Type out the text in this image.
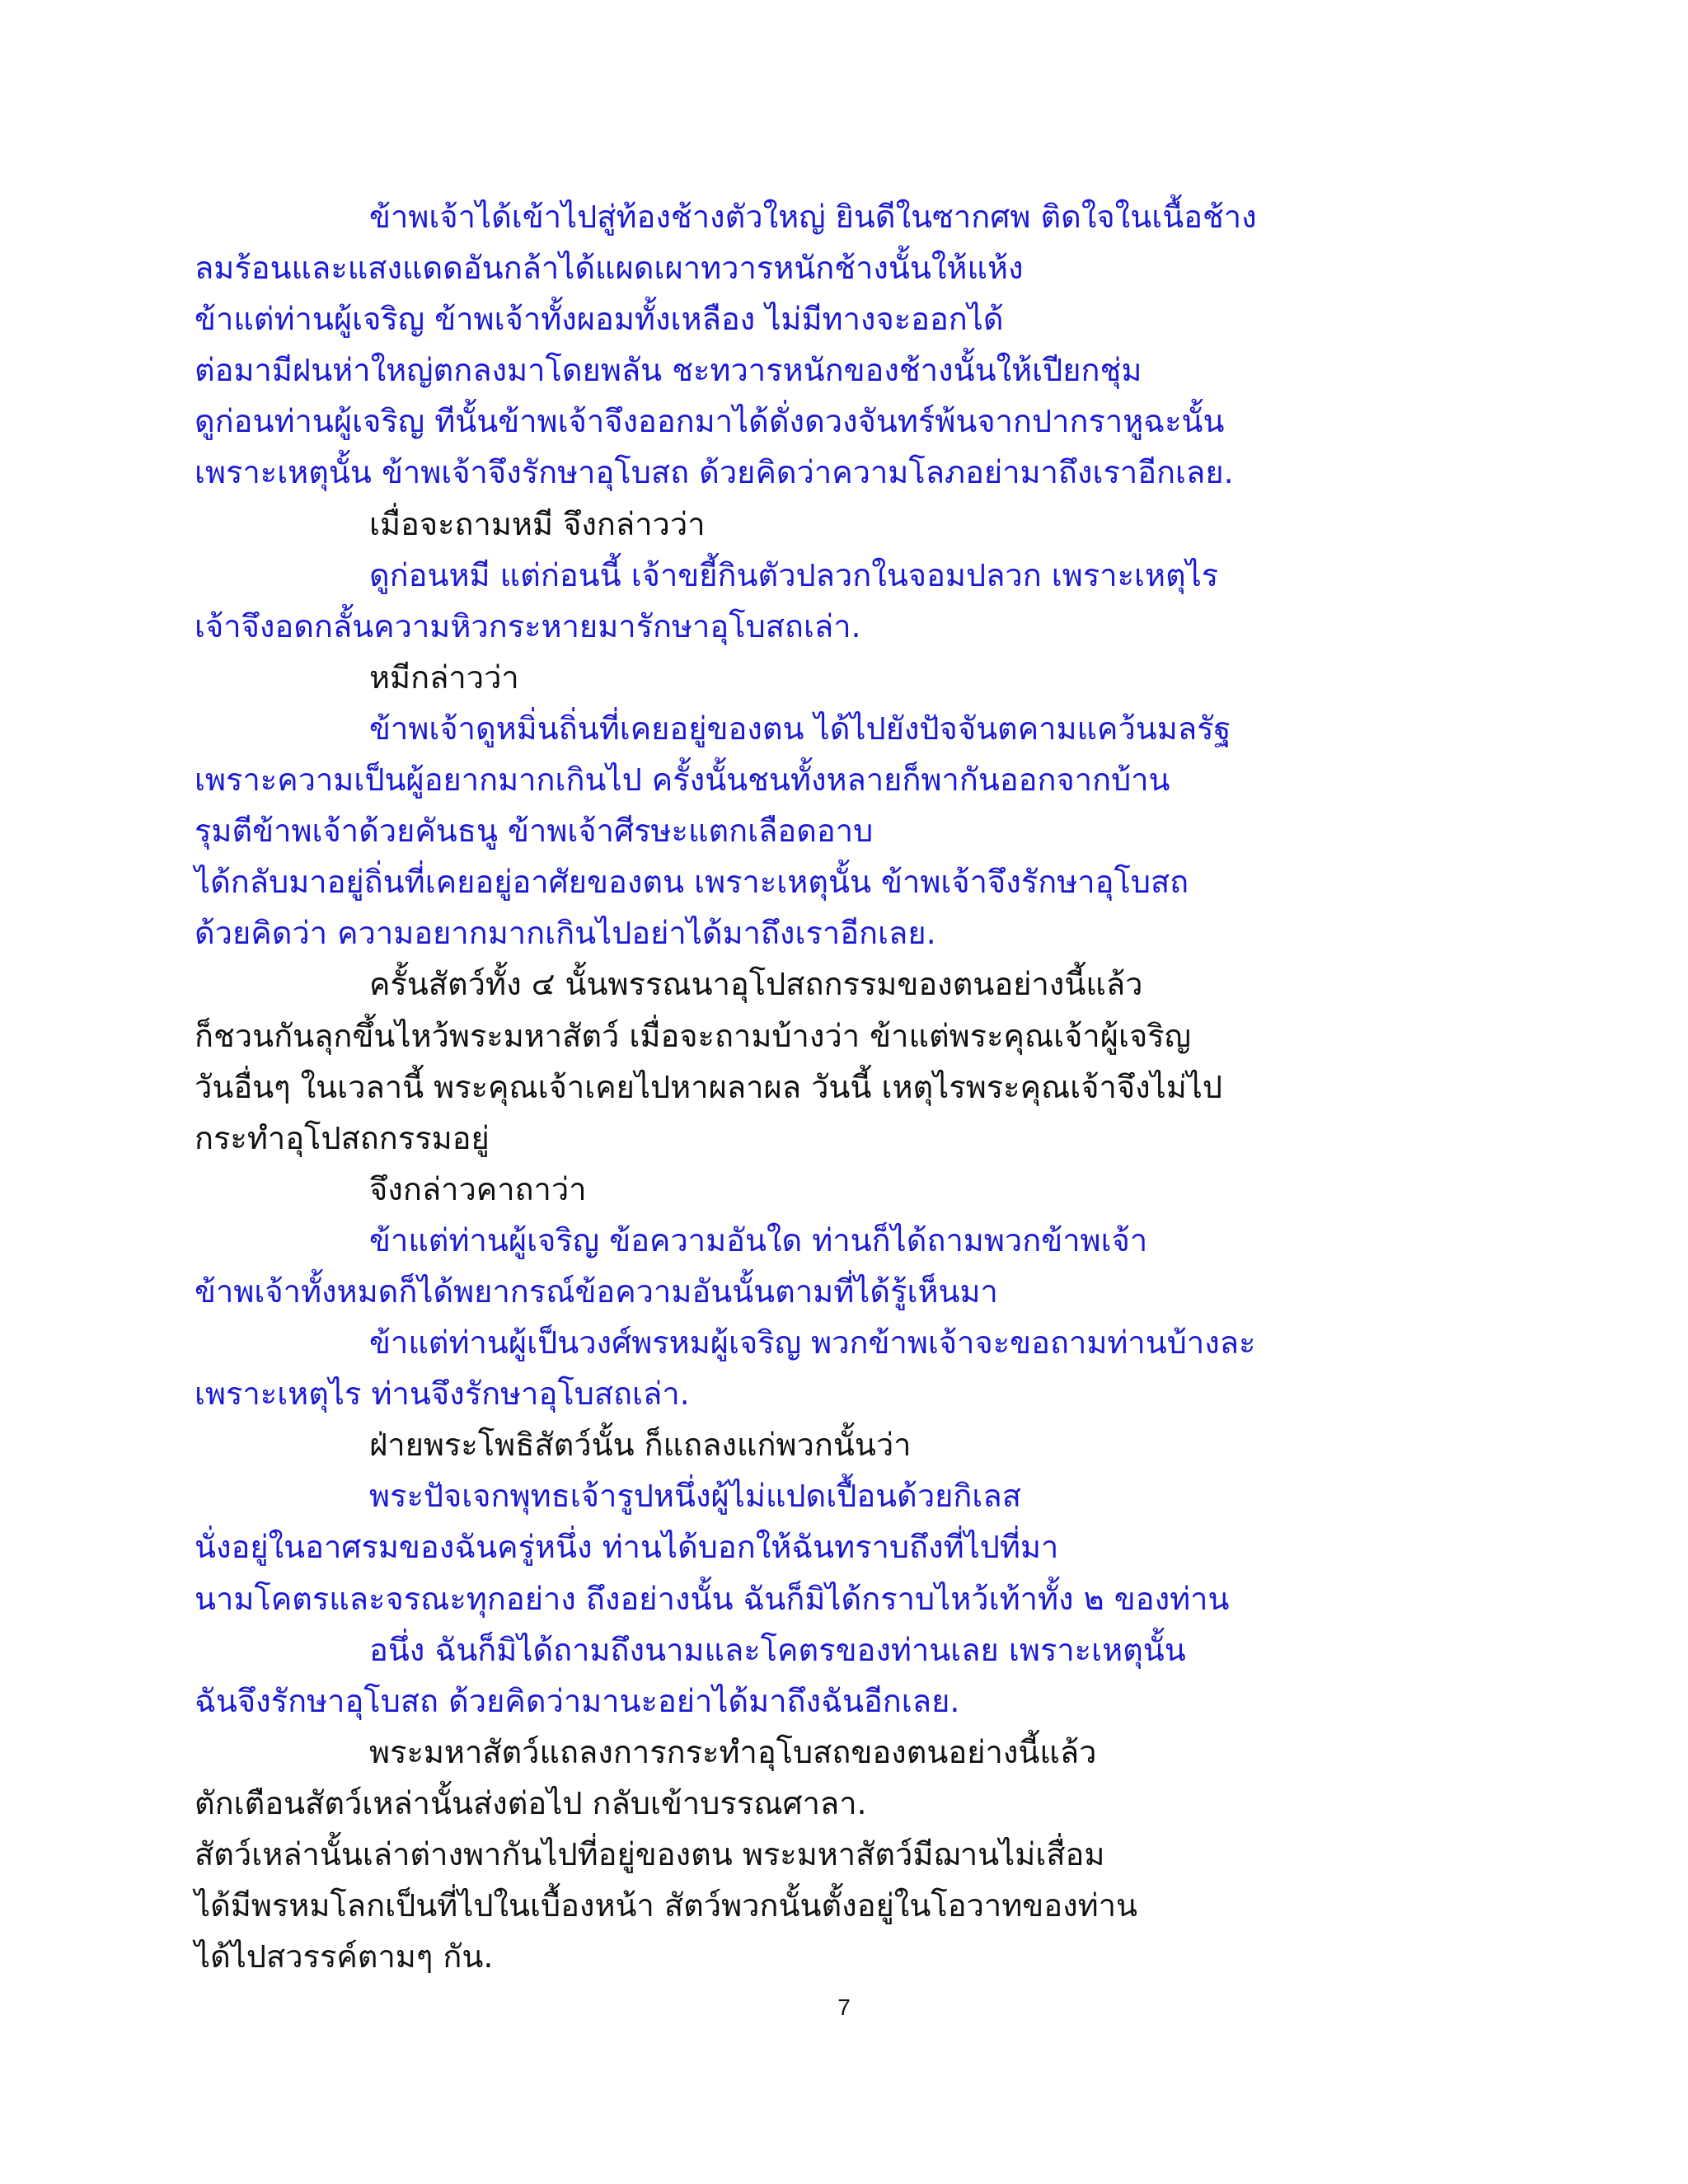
ข้าพเจ้าได้เข้าไปสู่ท้องช้างตัวใหญ่ ยินดีในซากศพ ติดใจในเนื้อช้าง
ลมร้อนและแสงแดดอันกล้าได้แผดเผาทวารหนักช้างนั้นให้แห้ง
ข้าแต่ท่านผู้เจริญ ข้าพเจ้าทั้งผอมทั้งเหลือง ไม่มีทางจะออกได้
ต่อมามีฝนห่าใหญ่ตกลงมาโดยพลัน ชะทวารหนักของช้างนั้นให้เปียกชุ่ม
ดูก่อนท่านผู้เจริญ ทีนั้นข้าพเจ้าจึงออกมาได้ดั่งดวงจันทร์พ้นจากปากราหูฉะนั้น
เพราะเหตุนั้น ข้าพเจ้าจึงรักษาอุโบสถ ด้วยคิดว่าความโลภอย่ามาถึงเราอีกเลย.
เมื่อจะถามหมี จึงกล่าวว่า
ดูก่อนหมี แต่ก่อนนี้ เจ้าขยี้กินตัวปลวกในจอมปลวก เพราะเหตุไร
เจ้าจึงอดกลั้นความหิวกระหายมารักษาอุโบสถเล่า.
หมีกล่าวว่า
ข้าพเจ้าดูหมิ่นถิ่นที่เคยอยู่ของตน ได้ไปยังปัจจันตคามแคว้นมลรัฐ
เพราะความเป็นผู้อยากมากเกินไป ครั้งนั้นชนทั้งหลายก็พากันออกจากบ้าน
รุมตีข้าพเจ้าด้วยคันธนู ข้าพเจ้าศีรษะแตกเลือดอาบ
ได้กลับมาอยู่ถิ่นที่เคยอยู่อาศัยของตน เพราะเหตุนั้น ข้าพเจ้าจึงรักษาอุโบสถ
ด้วยคิดว่า ความอยากมากเกินไปอย่าได้มาถึงเราอีกเลย.
ครั้นสัตว์ทั้ง ๔ นั้นพรรณนาอุโปสถกรรมของตนอย่างนี้แล้ว
ก็ชวนกันลุกขึ้นไหว้พระมหาสัตว์ เมื่อจะถามบ้างว่า ข้าแต่พระคุณเจ้าผู้เจริญ
วันอื่นๆ ในเวลานี้ พระคุณเจ้าเคยไปหาผลาผล วันนี้ เหตุไรพระคุณเจ้าจึงไม่ไป
กระทำอุโปสถกรรมอยู่
จึงกล่าวคาถาว่า
ข้าแต่ท่านผู้เจริญ ข้อความอันใด ท่านก็ได้ถามพวกข้าพเจ้า
ข้าพเจ้าทั้งหมดก็ได้พยากรณ์ข้อความอันนั้นตามที่ได้รู้เห็นมา
ข้าแต่ท่านผู้เป็นวงศ์พรหมผู้เจริญ พวกข้าพเจ้าจะขอถามท่านบ้างละ
เพราะเหตุไร ท่านจึงรักษาอุโบสถเล่า.
ฝ่ายพระโพธิสัตว์นั้น ก็แถลงแก่พวกนั้นว่า
พระปัจเจกพุทธเจ้ารูปหนึ่งผู้ไม่แปดเปื้อนด้วยกิเลส
นั่งอยู่ในอาศรมของฉันครู่หนึ่ง ท่านได้บอกให้ฉันทราบถึงที่ไปที่มา
นามโคตรและจรณะทุกอย่าง ถึงอย่างนั้น ฉันก็มิได้กราบไหว้เท้าทั้ง ๒ ของท่าน
อนึ่ง ฉันก็มิได้ถามถึงนามและโคตรของท่านเลย เพราะเหตุนั้น
ฉันจึงรักษาอุโบสถ ด้วยคิดว่ามานะอย่าได้มาถึงฉันอีกเลย.
พระมหาสัตว์แถลงการกระทำอุโบสถของตนอย่างนี้แล้ว
ตักเตือนสัตว์เหล่านั้นส่งต่อไป กลับเข้าบรรณศาลา.
สัตว์เหล่านั้นเล่าต่างพากันไปที่อยู่ของตน พระมหาสัตว์มีฌานไม่เสื่อม
ได้มีพรหมโลกเป็นที่ไปในเบื้องหน้า สัตว์พวกนั้นตั้งอยู่ในโอวาทของท่าน
ได้ไปสวรรค์ตามๆ กัน.
7
